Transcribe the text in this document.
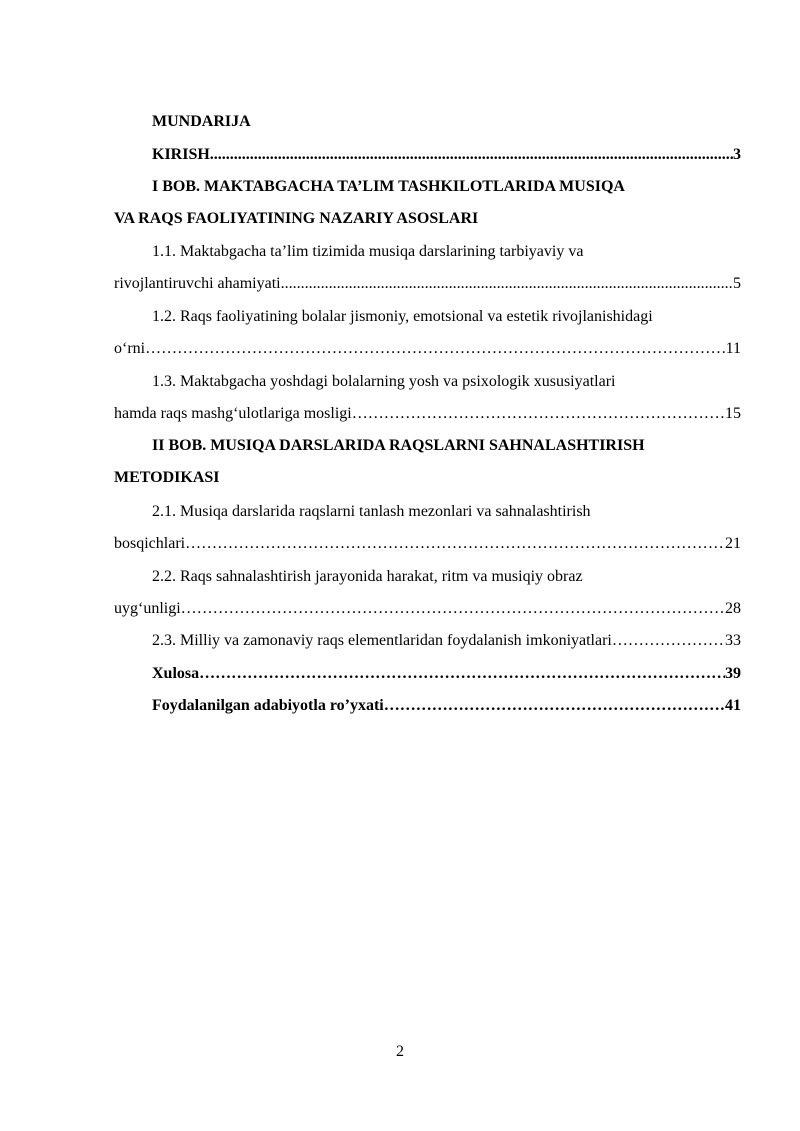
MUNDARIJA
KIRISH .....	3
I BOB. MAKTABGACHA TA’LIM TASHKILOTLARIDA MUSIQA
VA RAQS FAOLIYATINING NAZARIY ASOSLARI
1.1. Maktabgacha ta’lim tizimida musiqa darslarining tarbiyaviy va
rivojlantiruvchi ahamiyati .....	5
1.2. Raqs faoliyatining bolalar jismoniy, emotsional va estetik rivojlanishidagi
o‘rni ……………………………………………………………………………………………………………………………………………………………………	11
1.3. Maktabgacha yoshdagi bolalarning yosh va psixologik xususiyatlari
hamda raqs mashg‘ulotlariga mosligi ……………………………………………………………………………………………………………………………………………………………………	15
II BOB. MUSIQA DARSLARIDA RAQSLARNI SAHNALASHTIRISH
METODIKASI
2.1. Musiqa darslarida raqslarni tanlash mezonlari va sahnalashtirish
bosqichlari ……………………………………………………………………………………………………………………………………………………………………	21
2.2. Raqs sahnalashtirish jarayonida harakat, ritm va musiqiy obraz
uyg‘unligi ……………………………………………………………………………………………………………………………………………………………………	28
2.3. Milliy va zamonaviy raqs elementlaridan foydalanish imkoniyatlari ……………………………………………………………………………………………………………………………………………………………………	33
Xulosa ……………………………………………………………………………………………………………………………………………………………………	39
Foydalanilgan adabiyotla ro’yxati ……………………………………………………………………………………………………………………………………………………………………	41
2
